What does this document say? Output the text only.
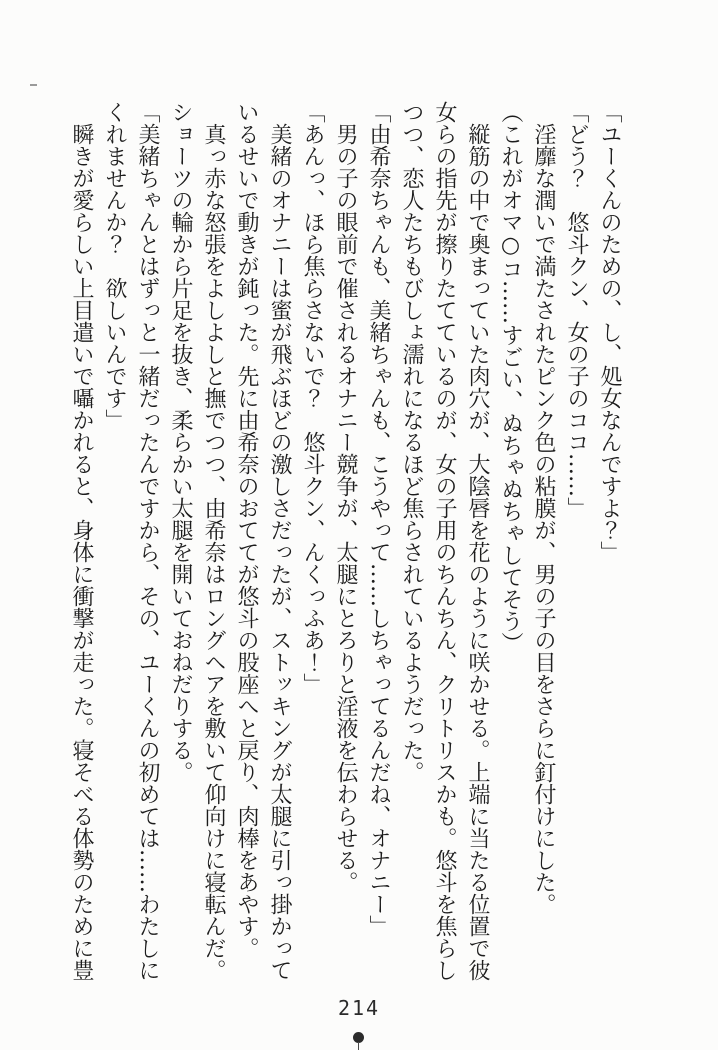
「ユーくんのための、し、処女なんですよ？」

「どう？　悠斗クン、女の子のココ……」

淫靡な潤いで満たされたピンク色の粘膜が、男の子の目をさらに釘付けにした。

（これがオマ○コ……すごい、ぬちゃぬちゃしてそう）

縦筋の中で奥まっていた肉穴が、大陰唇を花のように咲かせる。上端に当たる位置で彼女らの指先が擦りたてているのが、女の子用のちんちん、クリトリスかも。悠斗を焦らしつつ、恋人たちもびしょ濡れになるほど焦らされているようだった。

「由希奈ちゃんも、美緒ちゃんも、こうやって……しちゃってるんだね、オナニー」

男の子の眼前で催されるオナニー競争が、太腿にとろりと淫液を伝わらせる。

「あんっ、ほら焦らさないで？　悠斗クン、んくっふあ！」

美緒のオナニーは蜜が飛ぶほどの激しさだったが、ストッキングが太腿に引っ掛かっているせいで動きが鈍った。先に由希奈のおててが悠斗の股座へと戻り、肉棒をあやす。

真っ赤な怒張をよしよしと撫でつつ、由希奈はロングヘアを敷いて仰向けに寝転んだ。ショーツの輪から片足を抜き、柔らかい太腿を開いておねだりする。

「美緒ちゃんとはずっと一緒だったんですから、その、ユーくんの初めては……わたしにくれませんか？　欲しいんです」

瞬きが愛らしい上目遣いで囁かれると、身体に衝撃が走った。寝そべる体勢のために豊

214
